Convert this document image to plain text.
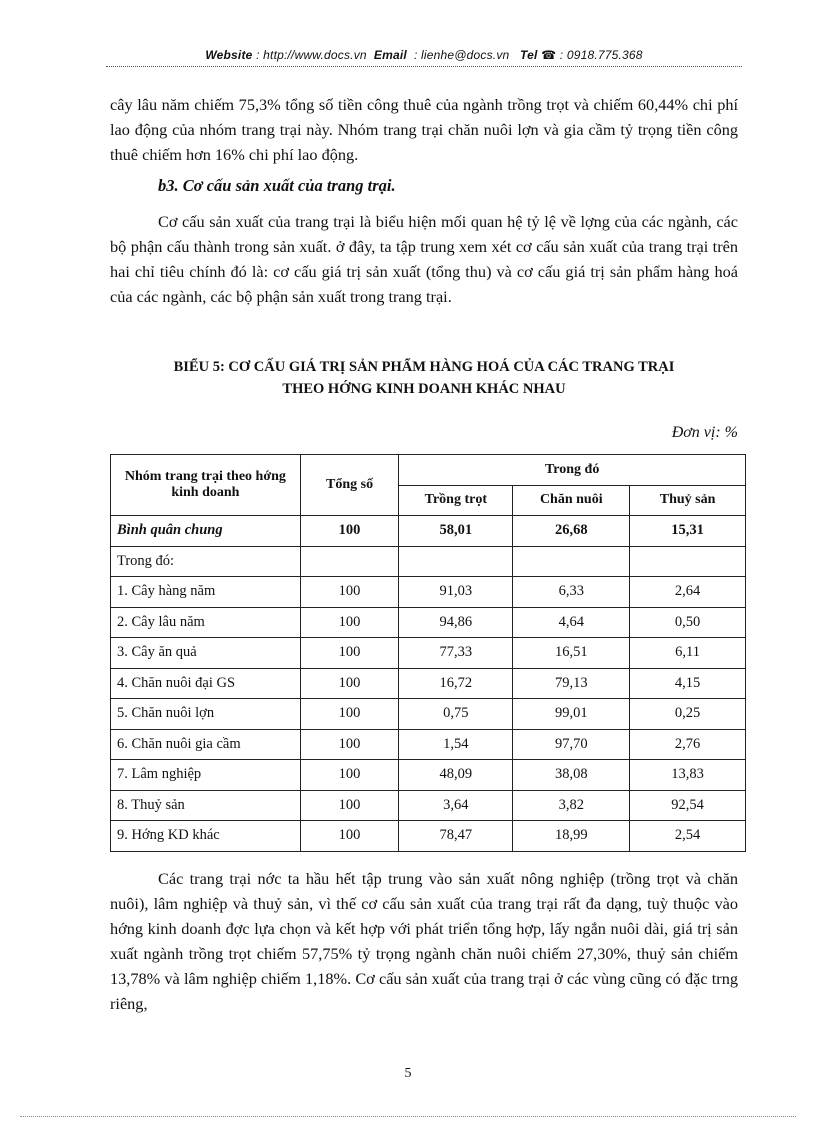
Website : http://www.docs.vn Email : lienhe@docs.vn Tel ☎ : 0918.775.368

cây lâu năm chiếm 75,3% tổng số tiền công thuê của ngành trồng trọt và chiếm 60,44% chi phí lao động của nhóm trang trại này. Nhóm trang trại chăn nuôi lợn và gia cầm tỷ trọng tiền công thuê chiếm hơn 16% chi phí lao động.

b3. Cơ cấu sản xuất của trang trại.

Cơ cấu sản xuất của trang trại là biểu hiện mối quan hệ tỷ lệ về lợng của các ngành, các bộ phận cấu thành trong sản xuất. ở đây, ta tập trung xem xét cơ cấu sản xuất của trang trại trên hai chỉ tiêu chính đó là: cơ cấu giá trị sản xuất (tổng thu) và cơ cấu giá trị sản phẩm hàng hoá của các ngành, các bộ phận sản xuất trong trang trại.

BIỂU 5: CƠ CẤU GIÁ TRỊ SẢN PHẨM HÀNG HOÁ CỦA CÁC TRANG TRẠI
THEO HỚNG KINH DOANH KHÁC NHAU
Đơn vị: %
Nhóm trang trại theo hớng kinh doanh	Tổng số	Trong đó		
		Trồng trọt	Chăn nuôi	Thuỷ sản
Bình quân chung	100	58,01	26,68	15,31
Trong đó:				
1. Cây hàng năm	100	91,03	6,33	2,64
2. Cây lâu năm	100	94,86	4,64	0,50
3. Cây ăn quả	100	77,33	16,51	6,11
4. Chăn nuôi đại GS	100	16,72	79,13	4,15
5. Chăn nuôi lợn	100	0,75	99,01	0,25
6. Chăn nuôi gia cầm	100	1,54	97,70	2,76
7. Lâm nghiệp	100	48,09	38,08	13,83
8. Thuỷ sản	100	3,64	3,82	92,54
9. Hớng KD khác	100	78,47	18,99	2,54

Các trang trại nớc ta hầu hết tập trung vào sản xuất nông nghiệp (trồng trọt và chăn nuôi), lâm nghiệp và thuỷ sản, vì thế cơ cấu sản xuất của trang trại rất đa dạng, tuỳ thuộc vào hớng kinh doanh đợc lựa chọn và kết hợp với phát triển tổng hợp, lấy ngắn nuôi dài, giá trị sản xuất ngành trồng trọt chiếm 57,75% tỷ trọng ngành chăn nuôi chiếm 27,30%, thuỷ sản chiếm 13,78% và lâm nghiệp chiếm 1,18%. Cơ cấu sản xuất của trang trại ở các vùng cũng có đặc trng riêng,

5
